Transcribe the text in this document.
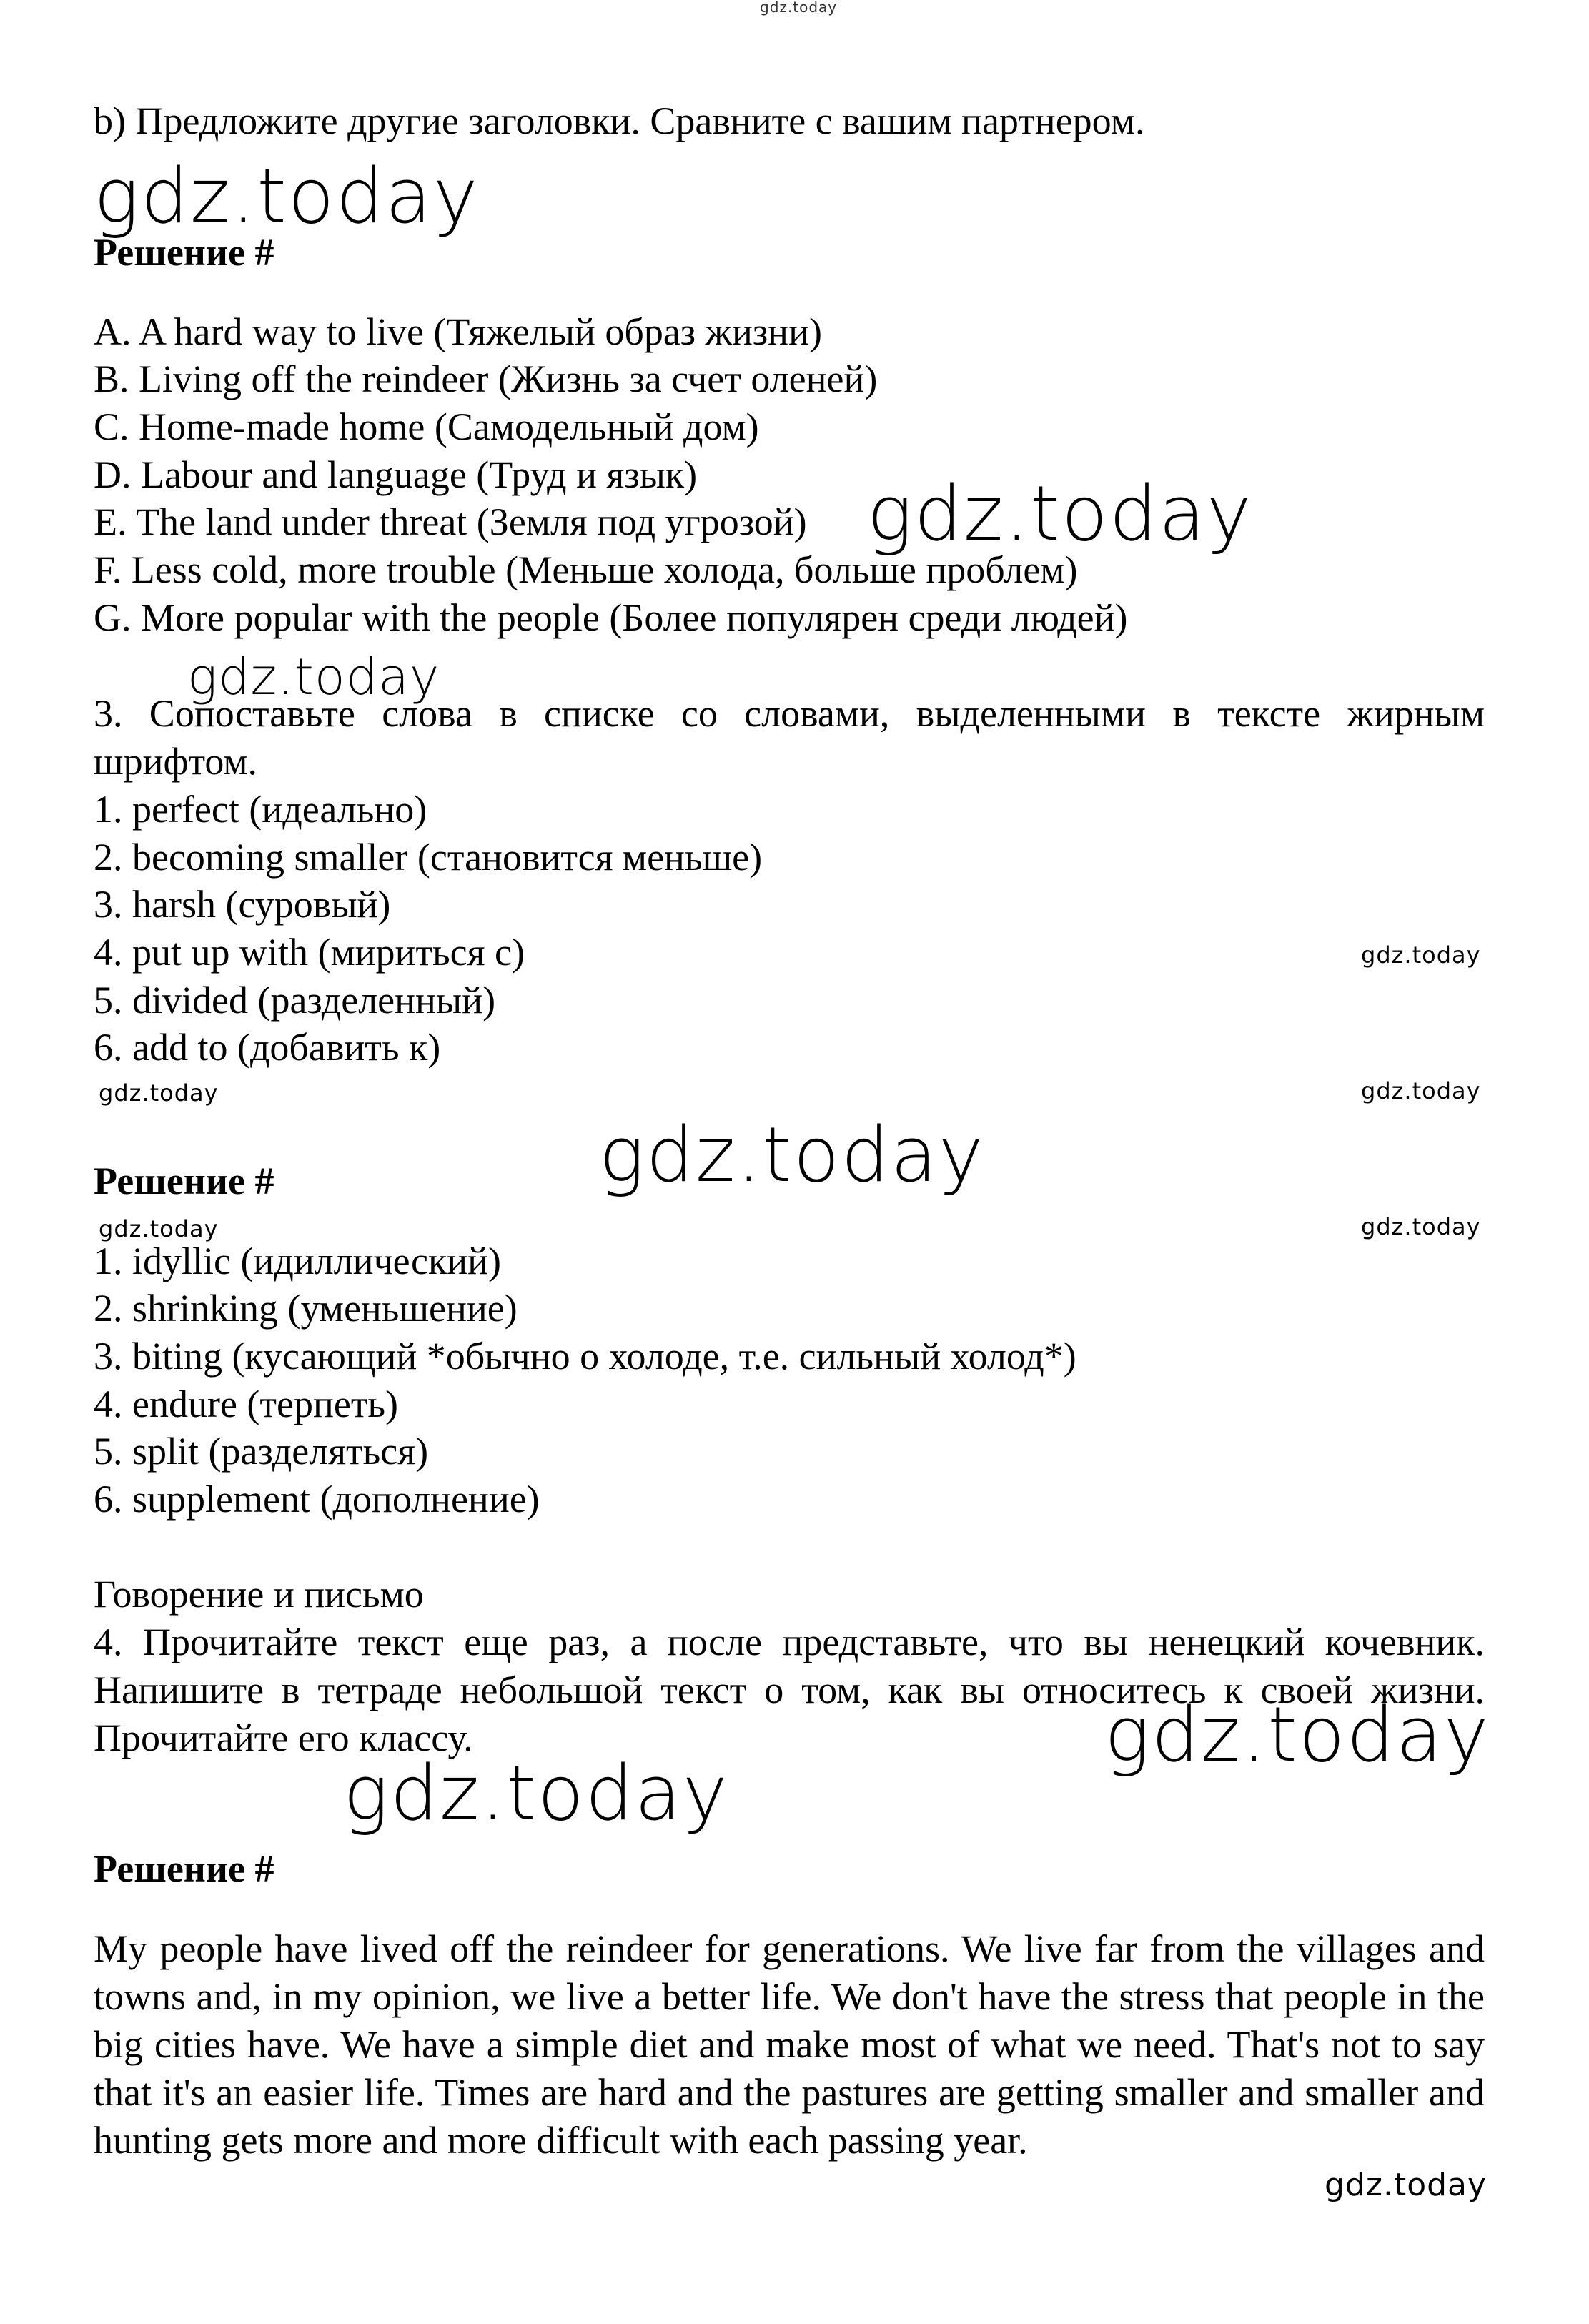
gdz.today
b) Предложите другие заголовки. Сравните с вашим партнером.
gdz.today
Решение #
A. A hard way to live (Тяжелый образ жизни)
B. Living off the reindeer (Жизнь за счет оленей)
C. Home-made home (Самодельный дом)
D. Labour and language (Труд и язык)
E. The land under threat (Земля под угрозой)
F. Less cold, more trouble (Меньше холода, больше проблем)
G. More popular with the people (Более популярен среди людей)
gdz.today
gdz.today
3. Сопоставьте слова в списке со словами, выделенными в тексте жирным шрифтом.
1. perfect (идеально)
2. becoming smaller (становится меньше)
3. harsh (суровый)
4. put up with (мириться с)
5. divided (разделенный)
6. add to (добавить к)
gdz.today
gdz.today	gdz.today
gdz.today
Решение #
gdz.today	gdz.today
1. idyllic (идиллический)
2. shrinking (уменьшение)
3. biting (кусающий *обычно о холоде, т.е. сильный холод*)
4. endure (терпеть)
5. split (разделяться)
6. supplement (дополнение)
Говорение и письмо
4. Прочитайте текст еще раз, а после представьте, что вы ненецкий кочевник. Напишите в тетраде небольшой текст о том, как вы относитесь к своей жизни. Прочитайте его классу.	gdz.today
gdz.today
Решение #
My people have lived off the reindeer for generations. We live far from the villages and towns and, in my opinion, we live a better life. We don't have the stress that people in the big cities have. We have a simple diet and make most of what we need. That's not to say that it's an easier life. Times are hard and the pastures are getting smaller and smaller and hunting gets more and more difficult with each passing year.
gdz.today
